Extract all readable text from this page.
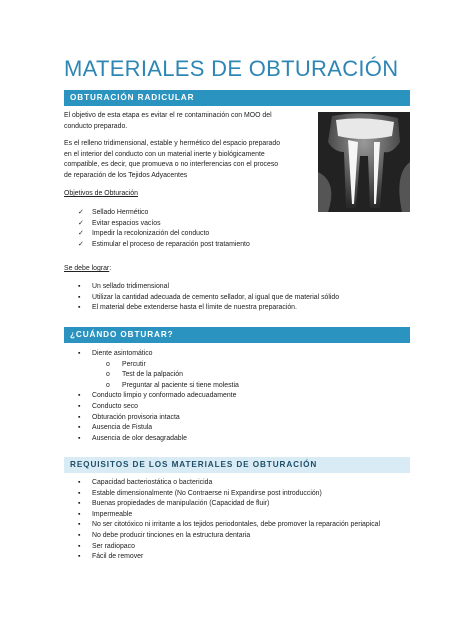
MATERIALES DE OBTURACIÓN
OBTURACIÓN RADICULAR
El objetivo de esta etapa es evitar el re contaminación con MOO del
conducto preparado.
Es el relleno tridimensional, estable y hermético del espacio preparado
en el interior del conducto con un material inerte y biológicamente
compatible, es decir, que promueva o no interferencias con el proceso
de reparación de los Tejidos Adyacentes
Objetivos de Obturación
✓	Sellado Hermético
✓	Evitar espacios vacíos
✓	Impedir la recolonización del conducto
✓	Estimular el proceso de reparación post tratamiento
Se debe lograr:
▪	Un sellado tridimensional
▪	Utilizar la cantidad adecuada de cemento sellador, al igual que de material sólido
▪	El material debe extenderse hasta el límite de nuestra preparación.
¿CUÁNDO OBTURAR?
▪	Diente asintomático
o	Percutir
o	Test de la palpación
o	Preguntar al paciente si tiene molestia
▪	Conducto limpio y conformado adecuadamente
▪	Conducto seco
▪	Obturación provisoria intacta
▪	Ausencia de Fistula
▪	Ausencia de olor desagradable
REQUISITOS DE LOS MATERIALES DE OBTURACIÓN
▪	Capacidad bacteriostática o bactericida
▪	Estable dimensionalmente (No Contraerse ni Expandirse post introducción)
▪	Buenas propiedades de manipulación (Capacidad de fluir)
▪	Impermeable
▪	No ser citotóxico ni irritante a los tejidos periodontales, debe promover la reparación periapical
▪	No debe producir tinciones en la estructura dentaria
▪	Ser radiopaco
▪	Fácil de remover
